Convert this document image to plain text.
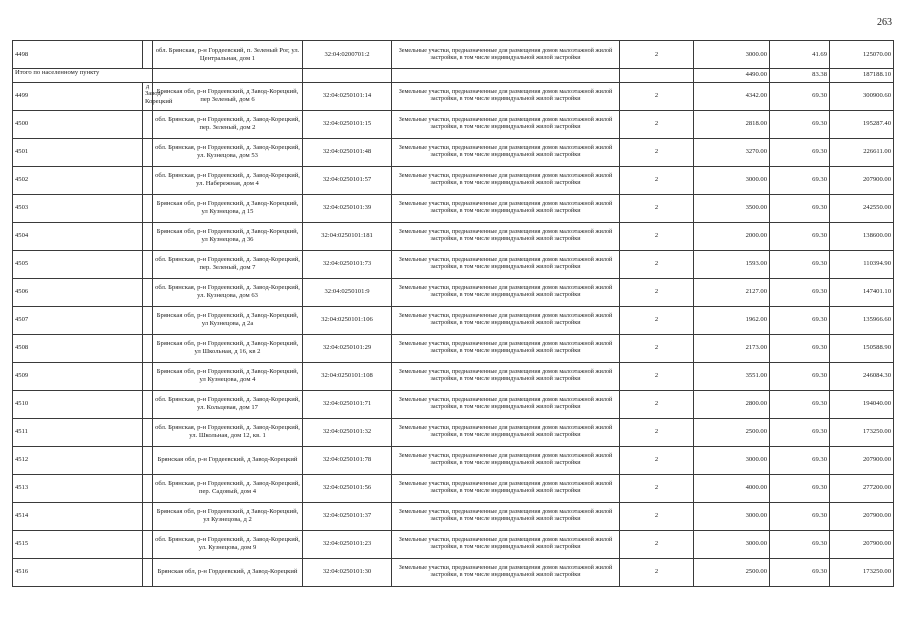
263
4498		обл. Брянская, р-н Гордеевский, п. Зеленый Рог, ул. Центральная, дом 1	32:04:0200701:2	Земельные участки, предназначенные для размещения домов малоэтажной жилой застройки, в том числе индивидуальной жилой застройки	2	3000.00	41.69	125070.00
Итого по населенному пункту						4490.00	83.38	187188.10
4499	д Завод-Корецкий	Брянская обл, р-н Гордеевский, д Завод-Корецкий, пер Зеленый, дом 6	32:04:0250101:14	Земельные участки, предназначенные для размещения домов малоэтажной жилой застройки, в том числе индивидуальной жилой застройки	2	4342.00	69.30	300900.60
4500		обл. Брянская, р-н Гордеевский, д. Завод-Корецкий, пер. Зеленый, дом 2	32:04:0250101:15	Земельные участки, предназначенные для размещения домов малоэтажной жилой застройки, в том числе индивидуальной жилой застройки	2	2818.00	69.30	195287.40
4501		обл. Брянская, р-н Гордеевский, д. Завод-Корецкий, ул. Кузнецова, дом 53	32:04:0250101:48	Земельные участки, предназначенные для размещения домов малоэтажной жилой застройки, в том числе индивидуальной жилой застройки	2	3270.00	69.30	226611.00
4502		обл. Брянская, р-н Гордеевский, д. Завод-Корецкий, ул. Набережная, дом 4	32:04:0250101:57	Земельные участки, предназначенные для размещения домов малоэтажной жилой застройки, в том числе индивидуальной жилой застройки	2	3000.00	69.30	207900.00
4503		Брянская обл, р-н Гордеевский, д Завод-Корецкий, ул Кузнецова, д 15	32:04:0250101:39	Земельные участки, предназначенные для размещения домов малоэтажной жилой застройки, в том числе индивидуальной жилой застройки	2	3500.00	69.30	242550.00
4504		Брянская обл, р-н Гордеевский, д Завод-Корецкий, ул Кузнецова, д 36	32:04:0250101:181	Земельные участки, предназначенные для размещения домов малоэтажной жилой застройки, в том числе индивидуальной жилой застройки	2	2000.00	69.30	138600.00
4505		обл. Брянская, р-н Гордеевский, д. Завод-Корецкий, пер. Зеленый, дом 7	32:04:0250101:73	Земельные участки, предназначенные для размещения домов малоэтажной жилой застройки, в том числе индивидуальной жилой застройки	2	1593.00	69.30	110394.90
4506		обл. Брянская, р-н Гордеевский, д. Завод-Корецкий, ул. Кузнецова, дом 63	32:04:0250101:9	Земельные участки, предназначенные для размещения домов малоэтажной жилой застройки, в том числе индивидуальной жилой застройки	2	2127.00	69.30	147401.10
4507		Брянская обл, р-н Гордеевский, д Завод-Корецкий, ул Кузнецова, д 2а	32:04:0250101:106	Земельные участки, предназначенные для размещения домов малоэтажной жилой застройки, в том числе индивидуальной жилой застройки	2	1962.00	69.30	135966.60
4508		Брянская обл, р-н Гордеевский, д Завод-Корецкий, ул Школьная, д 16, кв 2	32:04:0250101:29	Земельные участки, предназначенные для размещения домов малоэтажной жилой застройки, в том числе индивидуальной жилой застройки	2	2173.00	69.30	150588.90
4509		Брянская обл, р-н Гордеевский, д Завод-Корецкий, ул Кузнецова, дом 4	32:04:0250101:108	Земельные участки, предназначенные для размещения домов малоэтажной жилой застройки, в том числе индивидуальной жилой застройки	2	3551.00	69.30	246084.30
4510		обл. Брянская, р-н Гордеевский, д. Завод-Корецкий, ул. Кольцевая, дом 17	32:04:0250101:71	Земельные участки, предназначенные для размещения домов малоэтажной жилой застройки, в том числе индивидуальной жилой застройки	2	2800.00	69.30	194040.00
4511		обл. Брянская, р-н Гордеевский, д. Завод-Корецкий, ул. Школьная, дом 12, кв. 1	32:04:0250101:32	Земельные участки, предназначенные для размещения домов малоэтажной жилой застройки, в том числе индивидуальной жилой застройки	2	2500.00	69.30	173250.00
4512		Брянская обл, р-н Гордеевский, д Завод-Корецкий	32:04:0250101:78	Земельные участки, предназначенные для размещения домов малоэтажной жилой застройки, в том числе индивидуальной жилой застройки	2	3000.00	69.30	207900.00
4513		обл. Брянская, р-н Гордеевский, д. Завод-Корецкий, пер. Садовый, дом 4	32:04:0250101:56	Земельные участки, предназначенные для размещения домов малоэтажной жилой застройки, в том числе индивидуальной жилой застройки	2	4000.00	69.30	277200.00
4514		Брянская обл, р-н Гордеевский, д Завод-Корецкий, ул Кузнецова, д 2	32:04:0250101:37	Земельные участки, предназначенные для размещения домов малоэтажной жилой застройки, в том числе индивидуальной жилой застройки	2	3000.00	69.30	207900.00
4515		обл. Брянская, р-н Гордеевский, д. Завод-Корецкий, ул. Кузнецова, дом 9	32:04:0250101:23	Земельные участки, предназначенные для размещения домов малоэтажной жилой застройки, в том числе индивидуальной жилой застройки	2	3000.00	69.30	207900.00
4516		Брянская обл, р-н Гордеевский, д Завод-Корецкий	32:04:0250101:30	Земельные участки, предназначенные для размещения домов малоэтажной жилой застройки, в том числе индивидуальной жилой застройки	2	2500.00	69.30	173250.00
